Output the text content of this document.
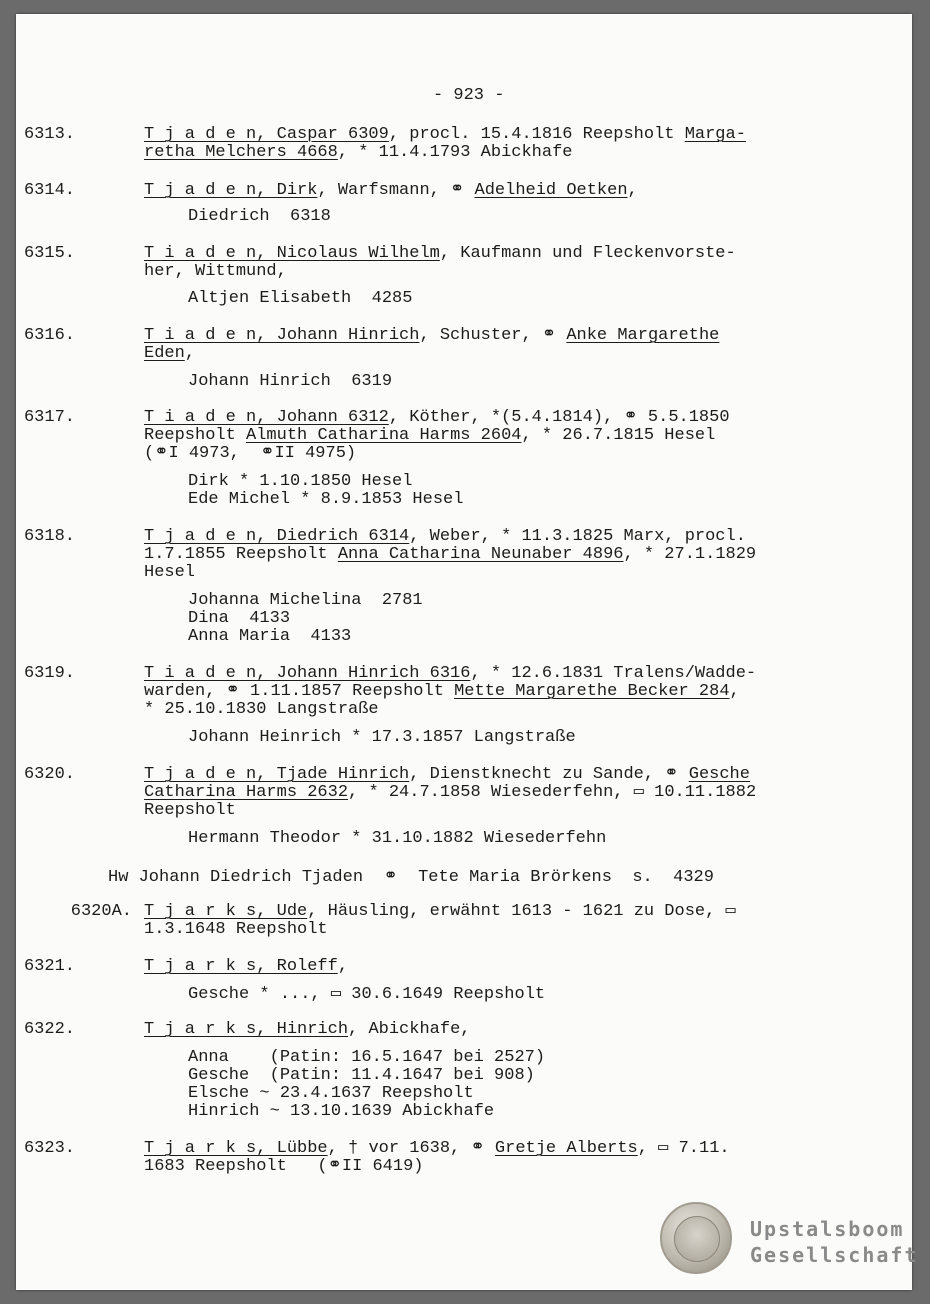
- 923 -
6313.	T j a d e n, Caspar 6309, procl. 15.4.1816 Reepsholt Marga-
retha Melchers 4668, * 11.4.1793 Abickhafe
6314.	T j a d e n, Dirk, Warfsmann, ⚭ Adelheid Oetken,
Diedrich  6318
6315.	T i a d e n, Nicolaus Wilhelm, Kaufmann und Fleckenvorste-
her, Wittmund,
Altjen Elisabeth  4285
6316.	T i a d e n, Johann Hinrich, Schuster, ⚭ Anke Margarethe
Eden,
Johann Hinrich  6319
6317.	T i a d e n, Johann 6312, Köther, *(5.4.1814), ⚭ 5.5.1850
Reepsholt Almuth Catharina Harms 2604, * 26.7.1815 Hesel
(⚭I 4973,  ⚭II 4975)
Dirk * 1.10.1850 Hesel
Ede Michel * 8.9.1853 Hesel
6318.	T j a d e n, Diedrich 6314, Weber, * 11.3.1825 Marx, procl.
1.7.1855 Reepsholt Anna Catharina Neunaber 4896, * 27.1.1829
Hesel
Johanna Michelina  2781
Dina  4133
Anna Maria  4133
6319.	T i a d e n, Johann Hinrich 6316, * 12.6.1831 Tralens/Wadde-
warden, ⚭ 1.11.1857 Reepsholt Mette Margarethe Becker 284,
* 25.10.1830 Langstraße
Johann Heinrich * 17.3.1857 Langstraße
6320.	T j a d e n, Tjade Hinrich, Dienstknecht zu Sande, ⚭ Gesche
Catharina Harms 2632, * 24.7.1858 Wiesederfehn, ▭ 10.11.1882
Reepsholt
Hermann Theodor * 31.10.1882 Wiesederfehn
Hw Johann Diedrich Tjaden  ⚭  Tete Maria Brörkens  s.  4329
6320A. T j a r k s, Ude, Häusling, erwähnt 1613 - 1621 zu Dose, ▭
1.3.1648 Reepsholt
6321.	T j a r k s, Roleff,
Gesche * ..., ▭ 30.6.1649 Reepsholt
6322.	T j a r k s, Hinrich, Abickhafe,
Anna    (Patin: 16.5.1647 bei 2527)
Gesche  (Patin: 11.4.1647 bei 908)
Elsche ~ 23.4.1637 Reepsholt
Hinrich ~ 13.10.1639 Abickhafe
6323.	T j a r k s, Lübbe, † vor 1638, ⚭ Gretje Alberts, ▭ 7.11.
1683 Reepsholt   (⚭II 6419)
Upstalsboom
Gesellschaft
